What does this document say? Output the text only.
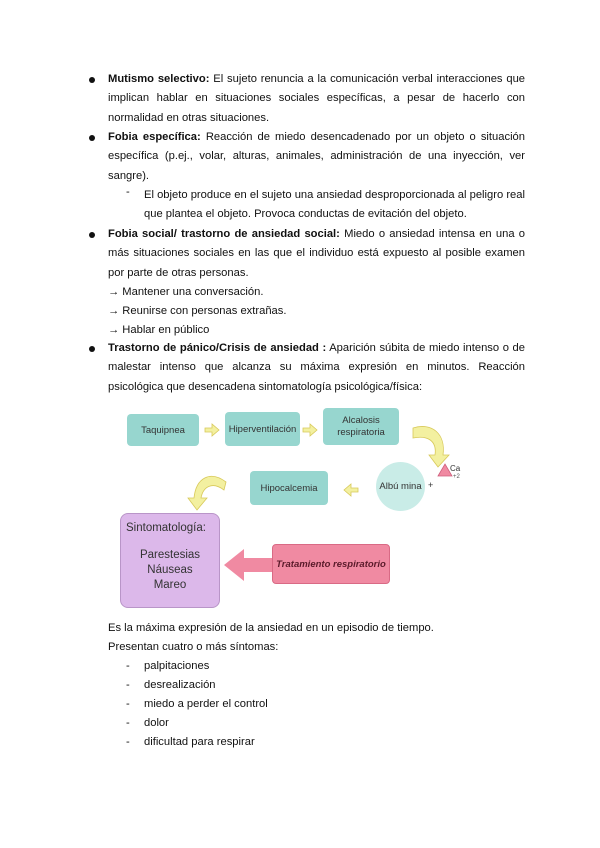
Mutismo selectivo: El sujeto renuncia a la comunicación verbal interacciones que implican hablar en situaciones sociales específicas, a pesar de hacerlo con normalidad en otras situaciones.
Fobia específica: Reacción de miedo desencadenado por un objeto o situación específica (p.ej., volar, alturas, animales, administración de una inyección, ver sangre).
- El objeto produce en el sujeto una ansiedad desproporcionada al peligro real que plantea el objeto. Provoca conductas de evitación del objeto.
Fobia social/ trastorno de ansiedad social: Miedo o ansiedad intensa en una o más situaciones sociales en las que el individuo está expuesto al posible examen por parte de otras personas.
→ Mantener una conversación.
→ Reunirse con personas extrañas.
→ Hablar en público
Trastorno de pánico/Crisis de ansiedad : Aparición súbita de miedo intenso o de malestar intenso que alcanza su máxima expresión en minutos. Reacción psicológica que desencadena sintomatología psicológica/física:
Taquipnea	Hiperventilación
Alcalosis respiratoria
Albú mina +
Ca
+2
Hipocalcemia
Sintomatología:
Parestesias
Náuseas
Mareo
Tratamiento respiratorio
Es la máxima expresión de la ansiedad en un episodio de tiempo.
Presentan cuatro o más síntomas:
- palpitaciones
- desrealización
- miedo a perder el control
- dolor
- dificultad para respirar
